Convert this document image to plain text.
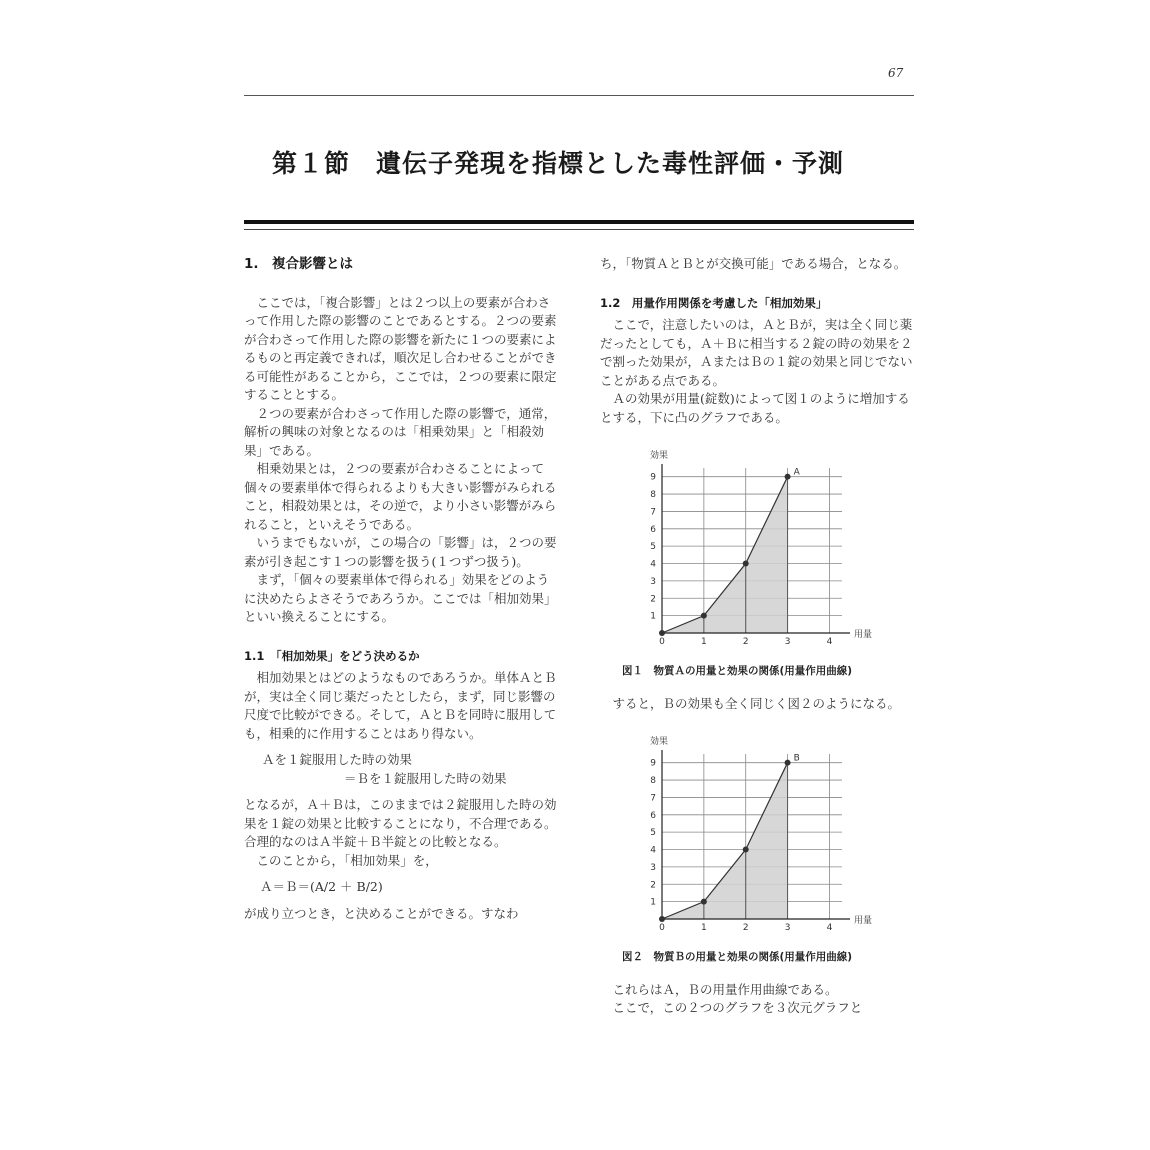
67
第１節　遺伝子発現を指標とした毒性評価・予測

1.　複合影響とは

ここでは，「複合影響」とは２つ以上の要素が合わさって作用した際の影響のことであるとする。２つの要素が合わさって作用した際の影響を新たに１つの要素によるものと再定義できれば，順次足し合わせることができる可能性があることから，ここでは，２つの要素に限定することとする。

２つの要素が合わさって作用した際の影響で，通常，解析の興味の対象となるのは「相乗効果」と「相殺効果」である。

相乗効果とは，２つの要素が合わさることによって個々の要素単体で得られるよりも大きい影響がみられること，相殺効果とは，その逆で，より小さい影響がみられること，といえそうである。

いうまでもないが，この場合の「影響」は，２つの要素が引き起こす１つの影響を扱う(１つずつ扱う)。

まず，「個々の要素単体で得られる」効果をどのように決めたらよさそうであろうか。ここでは「相加効果」といい換えることにする。

1.1　「相加効果」をどう決めるか

相加効果とはどのようなものであろうか。単体ＡとＢが，実は全く同じ薬だったとしたら，まず，同じ影響の尺度で比較ができる。そして，ＡとＢを同時に服用しても，相乗的に作用することはあり得ない。

Ａを１錠服用した時の効果

＝Ｂを１錠服用した時の効果

となるが，Ａ＋Ｂは，このままでは２錠服用した時の効果を１錠の効果と比較することになり，不合理である。合理的なのはＡ半錠＋Ｂ半錠との比較となる。

このことから，「相加効果」を，

Ａ＝Ｂ＝(A/2 ＋ B/2)

が成り立つとき，と決めることができる。すなわ

ち，「物質ＡとＢとが交換可能」である場合，となる。

1.2　用量作用関係を考慮した「相加効果」

ここで，注意したいのは，ＡとＢが，実は全く同じ薬だったとしても，Ａ＋Ｂに相当する２錠の時の効果を２で割った効果が，ＡまたはＢの１錠の効果と同じでないことがある点である。

Ａの効果が用量(錠数)によって図１のように増加するとする，下に凸のグラフである。

0	1	2	3	4
1
2
3
4
5
6
7
8
9
効果
用量
A

図１　物質Ａの用量と効果の関係(用量作用曲線)

すると，Ｂの効果も全く同じく図２のようになる。

0	1	2	3	4
1
2
3
4
5
6
7
8
9
効果
用量
B

図２　物質Ｂの用量と効果の関係(用量作用曲線)

これらはＡ，Ｂの用量作用曲線である。

ここで，この２つのグラフを３次元グラフと
